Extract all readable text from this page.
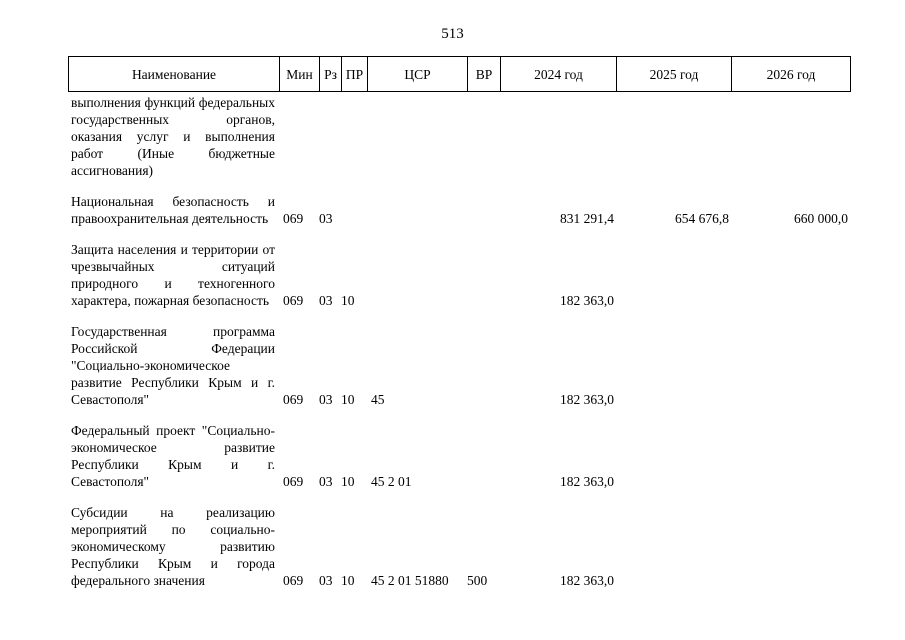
513
Наименование	Мин	Рз	ПР	ЦСР	ВР	2024 год	2025 год	2026 год
выполнения функций федеральных государственных органов, оказания услуг и выполнения работ (Иные бюджетные ассигнования)								

Национальная безопасность и правоохранительная деятельность	069	03				831 291,4	654 676,8	660 000,0

Защита населения и территории от чрезвычайных ситуаций природного и техногенного характера, пожарная безопасность	069	03	10			182 363,0		

Государственная программа Российской Федерации "Социально-экономическое развитие Республики Крым и г. Севастополя"	069	03	10	45		182 363,0		

Федеральный проект "Социально-экономическое развитие Республики Крым и г. Севастополя"	069	03	10	45 2 01		182 363,0		

Субсидии на реализацию мероприятий по социально-экономическому развитию Республики Крым и города федерального значения	069	03	10	45 2 01 51880	500	182 363,0		
